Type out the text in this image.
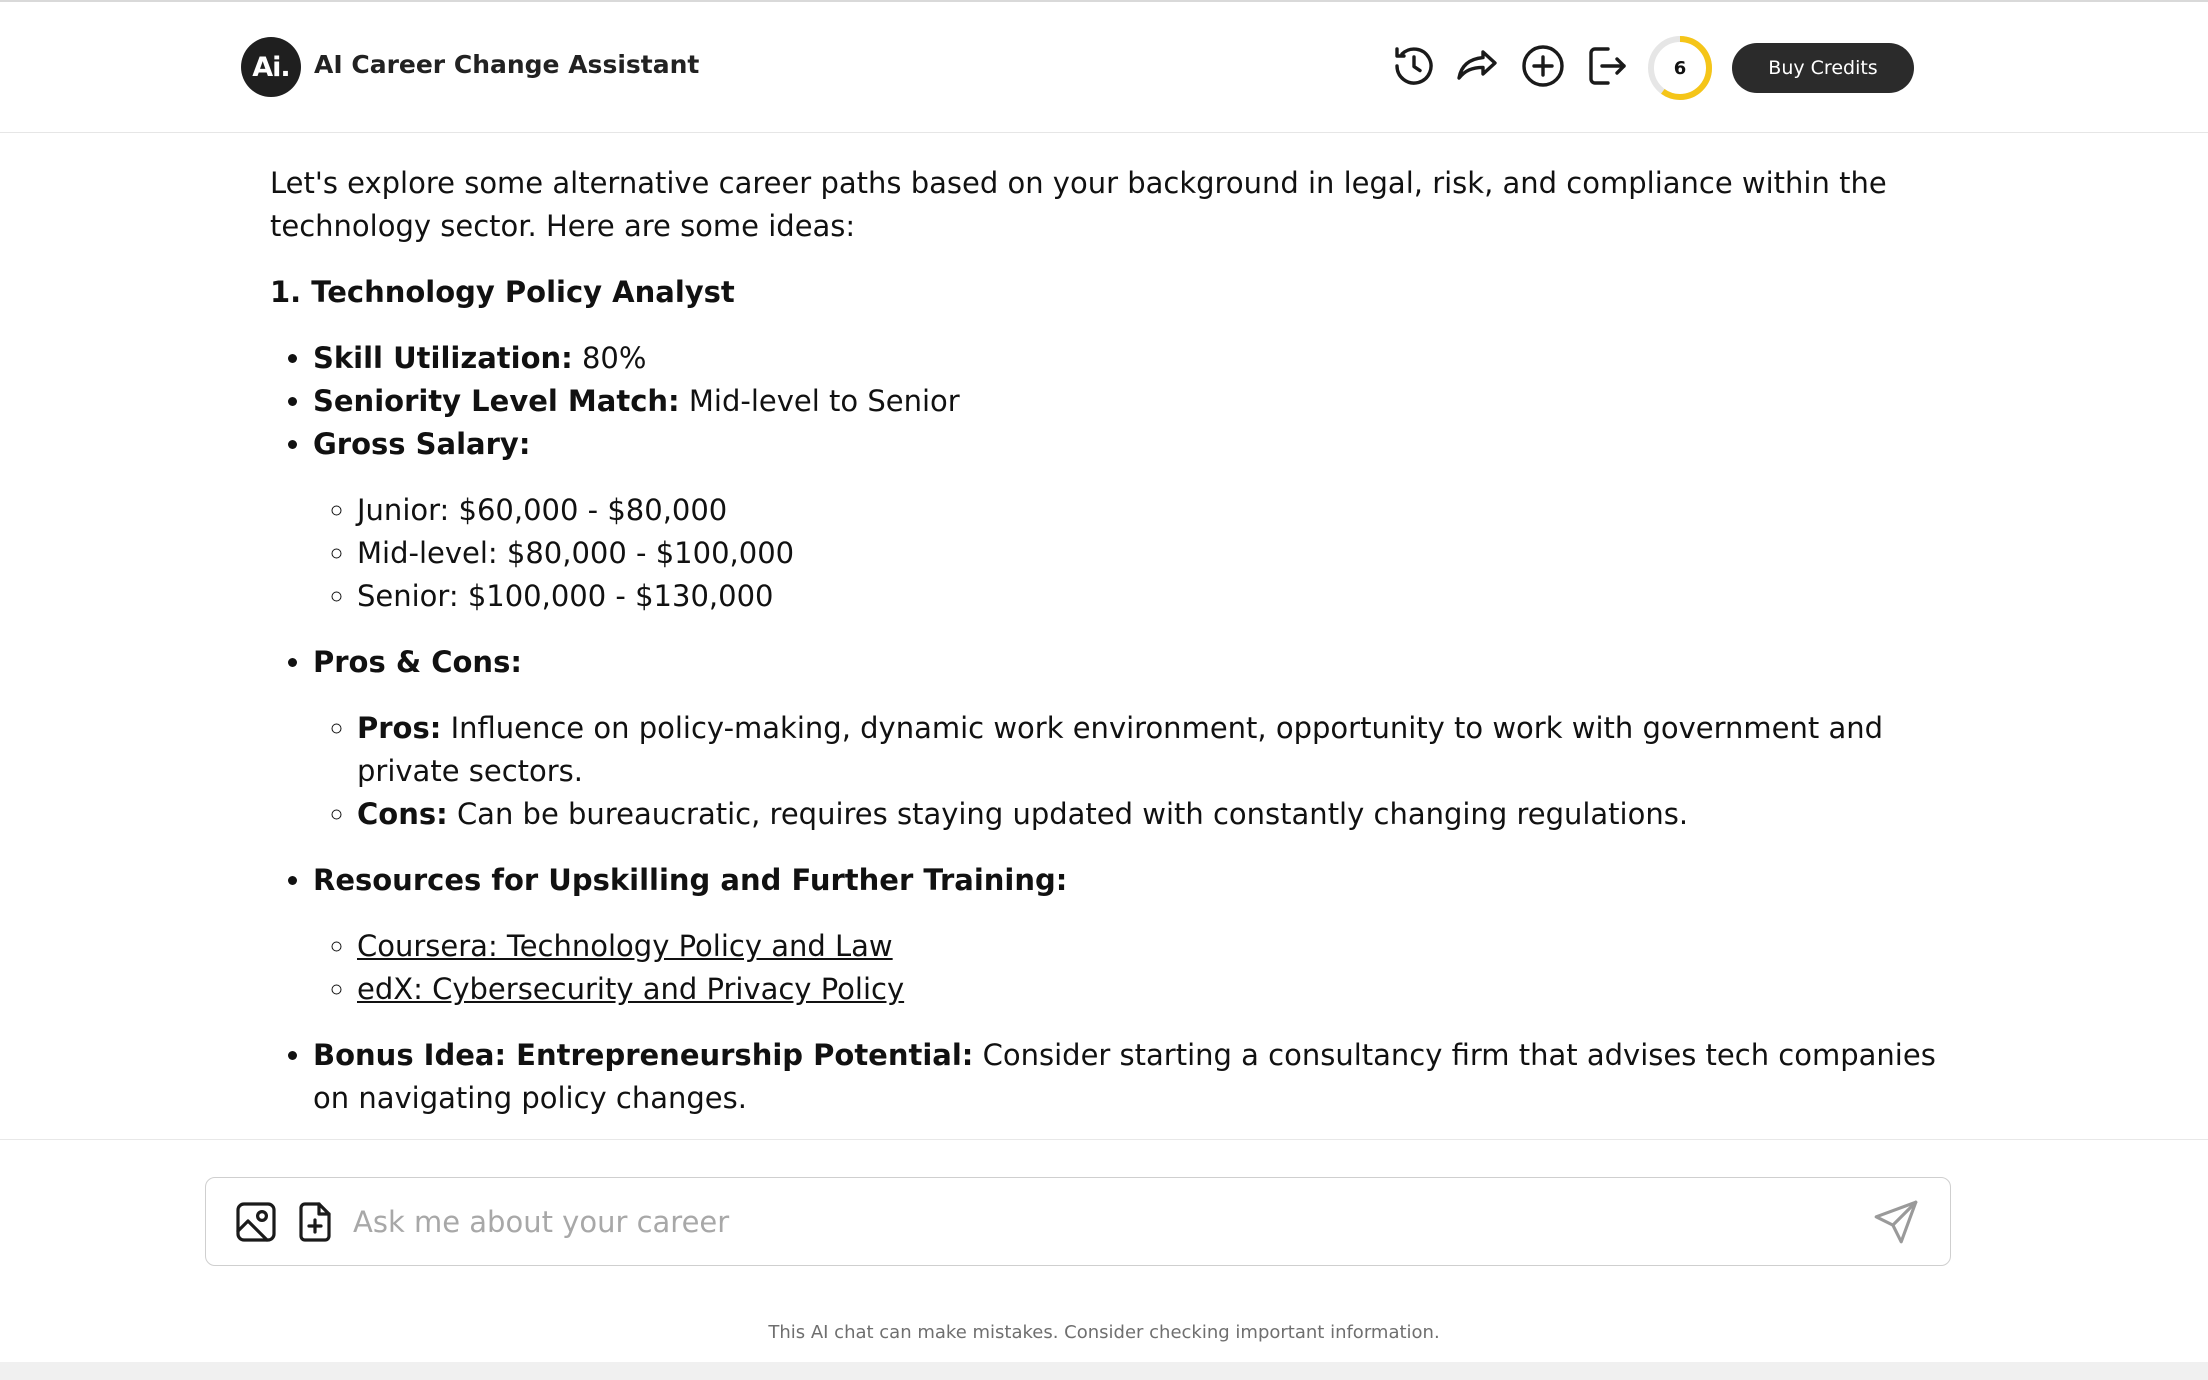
Ai. AI Career Change Assistant	6	Buy Credits

Let's explore some alternative career paths based on your background in legal, risk, and compliance within the technology sector. Here are some ideas:

1. Technology Policy Analyst
• Skill Utilization: 80%
• Seniority Level Match: Mid-level to Senior
• Gross Salary:
◦ Junior: $60,000 - $80,000
◦ Mid-level: $80,000 - $100,000
◦ Senior: $100,000 - $130,000
• Pros & Cons:
◦ Pros: Influence on policy-making, dynamic work environment, opportunity to work with government and private sectors.
◦ Cons: Can be bureaucratic, requires staying updated with constantly changing regulations.
• Resources for Upskilling and Further Training:
◦ Coursera: Technology Policy and Law
◦ edX: Cybersecurity and Privacy Policy
• Bonus Idea: Entrepreneurship Potential: Consider starting a consultancy firm that advises tech companies on navigating policy changes.
Ask me about your career
This AI chat can make mistakes. Consider checking important information.
